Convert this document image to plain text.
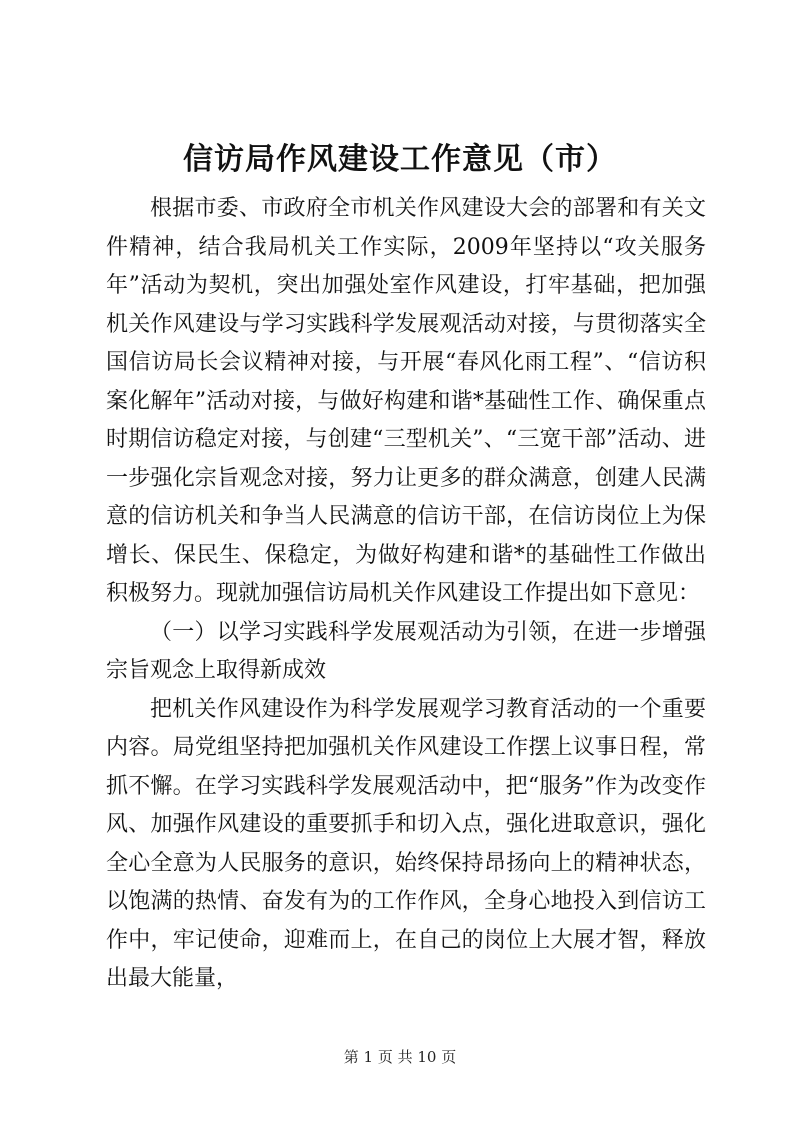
信访局作风建设工作意见（市）

根据市委、市政府全市机关作风建设大会的部署和有关文件精神，结合我局机关工作实际，2009年坚持以“攻关服务年”活动为契机，突出加强处室作风建设，打牢基础，把加强机关作风建设与学习实践科学发展观活动对接，与贯彻落实全国信访局长会议精神对接，与开展“春风化雨工程”、“信访积案化解年”活动对接，与做好构建和谐*基础性工作、确保重点时期信访稳定对接，与创建“三型机关”、“三宽干部”活动、进一步强化宗旨观念对接，努力让更多的群众满意，创建人民满意的信访机关和争当人民满意的信访干部，在信访岗位上为保增长、保民生、保稳定，为做好构建和谐*的基础性工作做出积极努力。现就加强信访局机关作风建设工作提出如下意见：

（一）以学习实践科学发展观活动为引领，在进一步增强宗旨观念上取得新成效

把机关作风建设作为科学发展观学习教育活动的一个重要内容。局党组坚持把加强机关作风建设工作摆上议事日程，常抓不懈。在学习实践科学发展观活动中，把“服务”作为改变作风、加强作风建设的重要抓手和切入点，强化进取意识，强化全心全意为人民服务的意识，始终保持昂扬向上的精神状态，以饱满的热情、奋发有为的工作作风，全身心地投入到信访工作中，牢记使命，迎难而上，在自己的岗位上大展才智，释放出最大能量，

第 1 页 共 10 页
